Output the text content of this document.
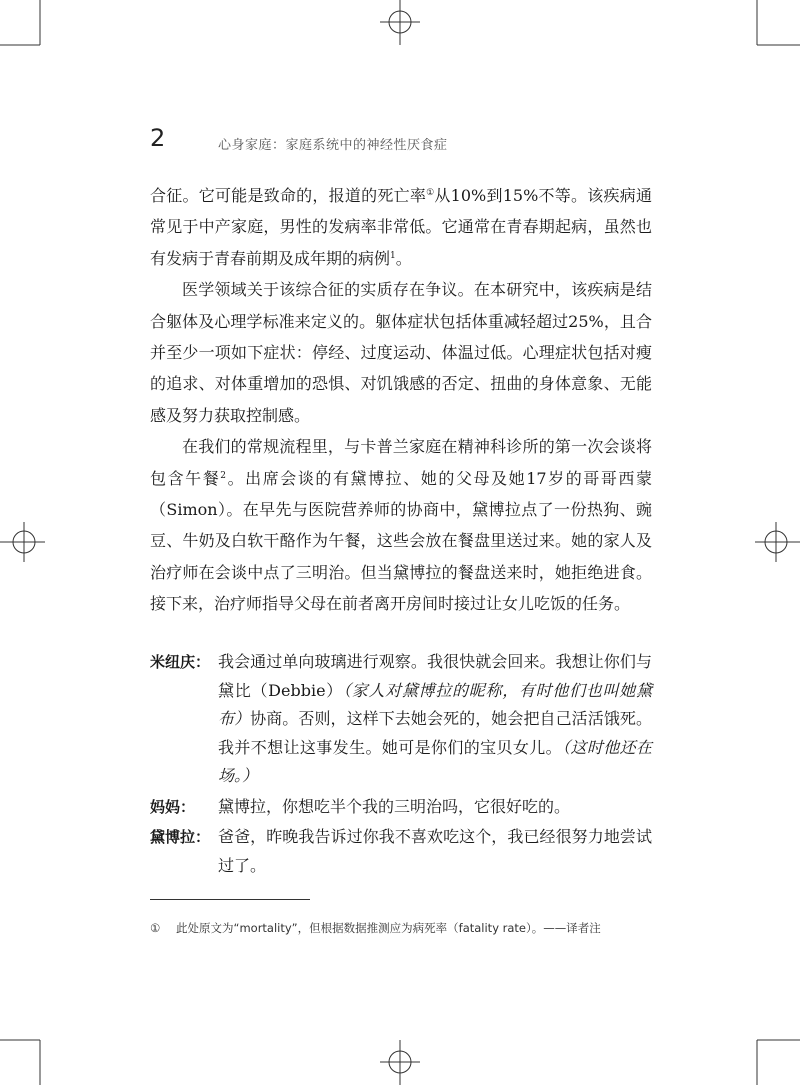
2	心身家庭：家庭系统中的神经性厌食症

合征。它可能是致命的，报道的死亡率①从10%到15%不等。该疾病通常见于中产家庭，男性的发病率非常低。它通常在青春期起病，虽然也有发病于青春前期及成年期的病例$^1$。

医学领域关于该综合征的实质存在争议。在本研究中，该疾病是结合躯体及心理学标准来定义的。躯体症状包括体重减轻超过25%，且合并至少一项如下症状：停经、过度运动、体温过低。心理症状包括对瘦的追求、对体重增加的恐惧、对饥饿感的否定、扭曲的身体意象、无能感及努力获取控制感。

在我们的常规流程里，与卡普兰家庭在精神科诊所的第一次会谈将包含午餐$^2$。出席会谈的有黛博拉、她的父母及她17岁的哥哥西蒙（Simon）。在早先与医院营养师的协商中，黛博拉点了一份热狗、豌豆、牛奶及白软干酪作为午餐，这些会放在餐盘里送过来。她的家人及治疗师在会谈中点了三明治。但当黛博拉的餐盘送来时，她拒绝进食。接下来，治疗师指导父母在前者离开房间时接过让女儿吃饭的任务。

米纽庆： 我会通过单向玻璃进行观察。我很快就会回来。我想让你们与黛比（Debbie）（家人对黛博拉的昵称，有时他们也叫她黛布）协商。否则，这样下去她会死的，她会把自己活活饿死。我并不想让这事发生。她可是你们的宝贝女儿。（这时他还在场。）
妈妈：	黛博拉，你想吃半个我的三明治吗，它很好吃的。
黛博拉： 爸爸，昨晚我告诉过你我不喜欢吃这个，我已经很努力地尝试过了。
① 此处原文为“mortality”，但根据数据推测应为病死率（fatality rate）。——译者注
